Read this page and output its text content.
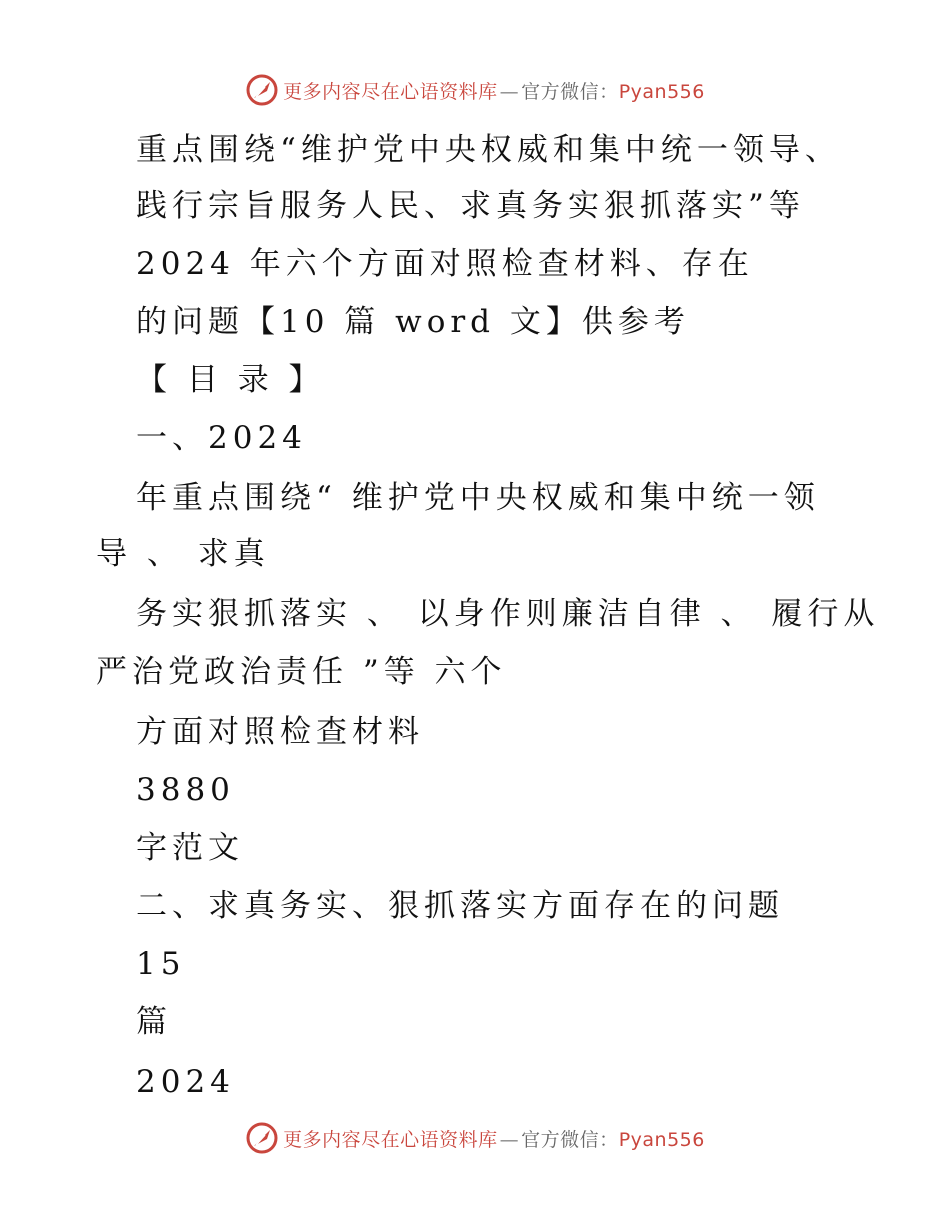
更多内容尽在心语资料库 — 官方微信：Pyan556
重点围绕“维护党中央权威和集中统一领导、
践行宗旨服务人民、求真务实狠抓落实”等
2024 年六个方面对照检查材料、存在
的问题【10 篇 word 文】供参考
【 目 录 】
一、2024
年重点围绕“ 维护党中央权威和集中统一领
导 、 求真
务实狠抓落实 、 以身作则廉洁自律 、 履行从
严治党政治责任 ”等 六个
方面对照检查材料
3880
字范文
二、求真务实、狠抓落实方面存在的问题
15
篇
2024
更多内容尽在心语资料库 — 官方微信：Pyan556
